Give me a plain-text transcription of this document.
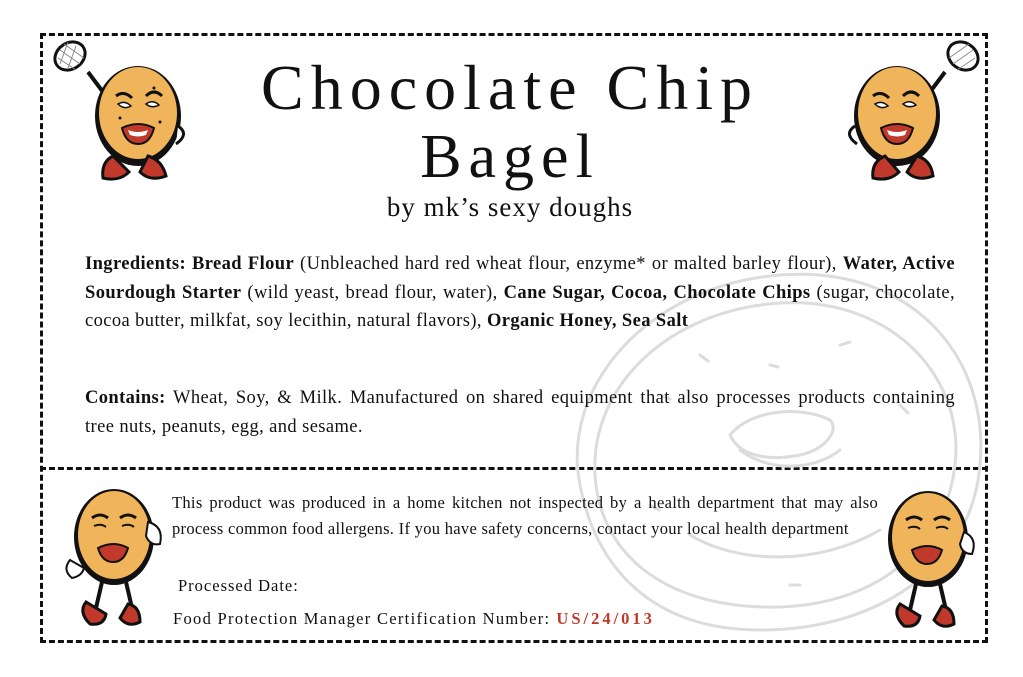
Chocolate Chip
Bagel
by mk’s sexy doughs

Ingredients: Bread Flour (Unbleached hard red wheat flour, enzyme* or malted barley flour), Water, Active Sourdough Starter (wild yeast, bread flour, water), Cane Sugar, Cocoa, Chocolate Chips (sugar, chocolate, cocoa butter, milkfat, soy lecithin, natural flavors), Organic Honey, Sea Salt

Contains: Wheat, Soy, & Milk. Manufactured on shared equipment that also processes products containing tree nuts, peanuts, egg, and sesame.

This product was produced in a home kitchen not inspected by a health department that may also process common food allergens. If you have safety concerns, contact your local health department

Processed Date:
Food Protection Manager Certification Number: US/24/013
